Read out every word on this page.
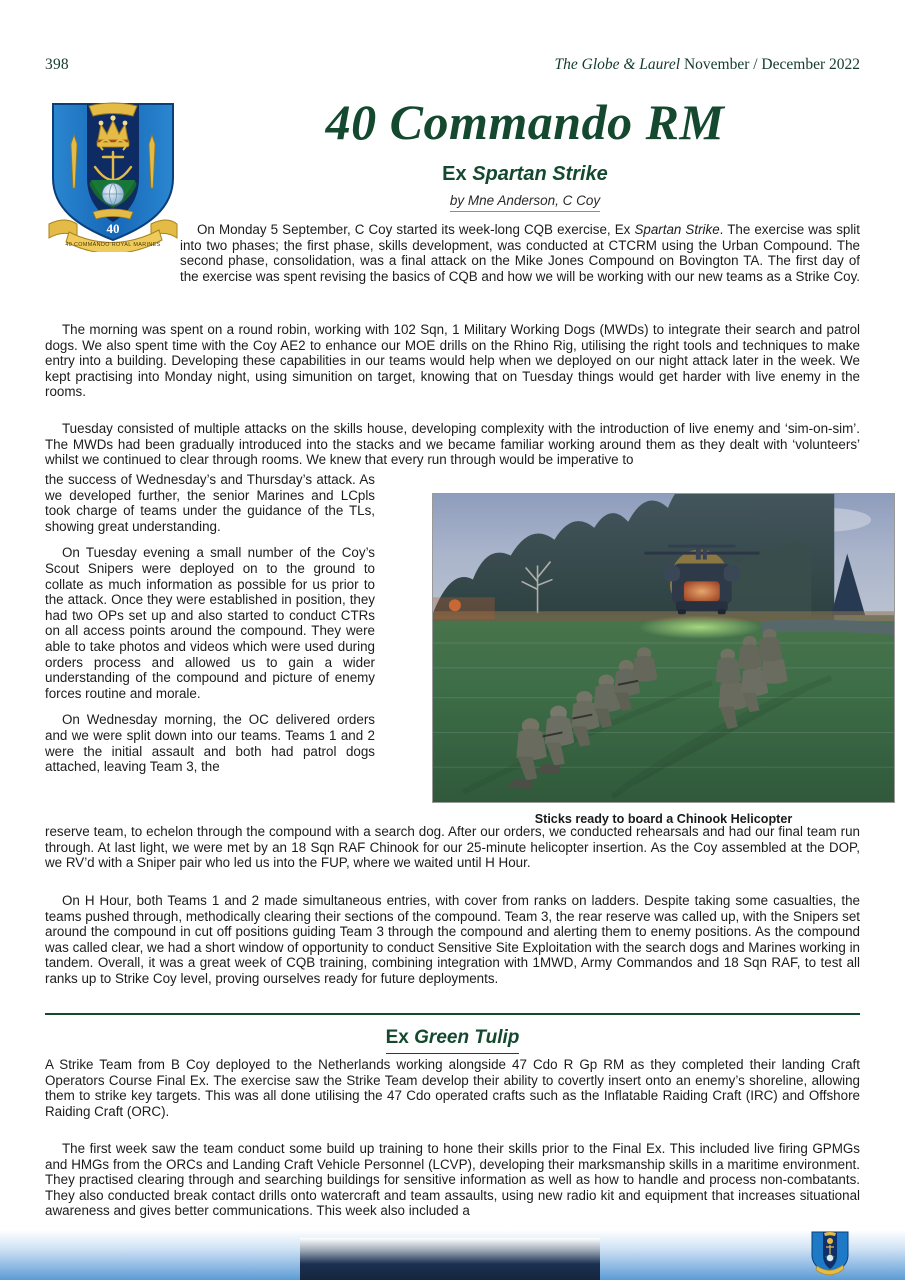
398	The Globe & Laurel November / December 2022
40
40 COMMANDO ROYAL MARINES
40 Commando RM
Ex Spartan Strike
by Mne Anderson, C Coy

On Monday 5 September, C Coy started its week-long CQB exercise, Ex Spartan Strike. The exercise was split into two phases; the first phase, skills development, was conducted at CTCRM using the Urban Compound. The second phase, consolidation, was a final attack on the Mike Jones Compound on Bovington TA. The first day of the exercise was spent revising the basics of CQB and how we will be working with our new teams as a Strike Coy.

The morning was spent on a round robin, working with 102 Sqn, 1 Military Working Dogs (MWDs) to integrate their search and patrol dogs. We also spent time with the Coy AE2 to enhance our MOE drills on the Rhino Rig, utilising the right tools and techniques to make entry into a building. Developing these capabilities in our teams would help when we deployed on our night attack later in the week. We kept practising into Monday night, using simunition on target, knowing that on Tuesday things would get harder with live enemy in the rooms.

Tuesday consisted of multiple attacks on the skills house, developing complexity with the introduction of live enemy and ‘sim-on-sim’. The MWDs had been gradually introduced into the stacks and we became familiar working around them as they dealt with ‘volunteers’ whilst we continued to clear through rooms. We knew that every run through would be imperative to

the success of Wednesday’s and Thursday’s attack. As we developed further, the senior Marines and LCpls took charge of teams under the guidance of the TLs, showing great understanding.

On Tuesday evening a small number of the Coy’s Scout Snipers were deployed on to the ground to collate as much information as possible for us prior to the attack. Once they were established in position, they had two OPs set up and also started to conduct CTRs on all access points around the compound. They were able to take photos and videos which were used during orders process and allowed us to gain a wider understanding of the compound and picture of enemy forces routine and morale.

On Wednesday morning, the OC delivered orders and we were split down into our teams. Teams 1 and 2 were the initial assault and both had patrol dogs attached, leaving Team 3, the

Sticks ready to board a Chinook Helicopter

reserve team, to echelon through the compound with a search dog. After our orders, we conducted rehearsals and had our final team run through. At last light, we were met by an 18 Sqn RAF Chinook for our 25-minute helicopter insertion. As the Coy assembled at the DOP, we RV’d with a Sniper pair who led us into the FUP, where we waited until H Hour.

On H Hour, both Teams 1 and 2 made simultaneous entries, with cover from ranks on ladders. Despite taking some casualties, the teams pushed through, methodically clearing their sections of the compound. Team 3, the rear reserve was called up, with the Snipers set around the compound in cut off positions guiding Team 3 through the compound and alerting them to enemy positions. As the compound was called clear, we had a short window of opportunity to conduct Sensitive Site Exploitation with the search dogs and Marines working in tandem. Overall, it was a great week of CQB training, combining integration with 1MWD, Army Commandos and 18 Sqn RAF, to test all ranks up to Strike Coy level, proving ourselves ready for future deployments.

Ex Green Tulip

A Strike Team from B Coy deployed to the Netherlands working alongside 47 Cdo R Gp RM as they completed their landing Craft Operators Course Final Ex. The exercise saw the Strike Team develop their ability to covertly insert onto an enemy’s shoreline, allowing them to strike key targets. This was all done utilising the 47 Cdo operated crafts such as the Inflatable Raiding Craft (IRC) and Offshore Raiding Craft (ORC).

The first week saw the team conduct some build up training to hone their skills prior to the Final Ex. This included live firing GPMGs and HMGs from the ORCs and Landing Craft Vehicle Personnel (LCVP), developing their marksmanship skills in a maritime environment. They practised clearing through and searching buildings for sensitive information as well as how to handle and process non-combatants. They also conducted break contact drills onto watercraft and team assaults, using new radio kit and equipment that increases situational awareness and gives better communications. This week also included a
